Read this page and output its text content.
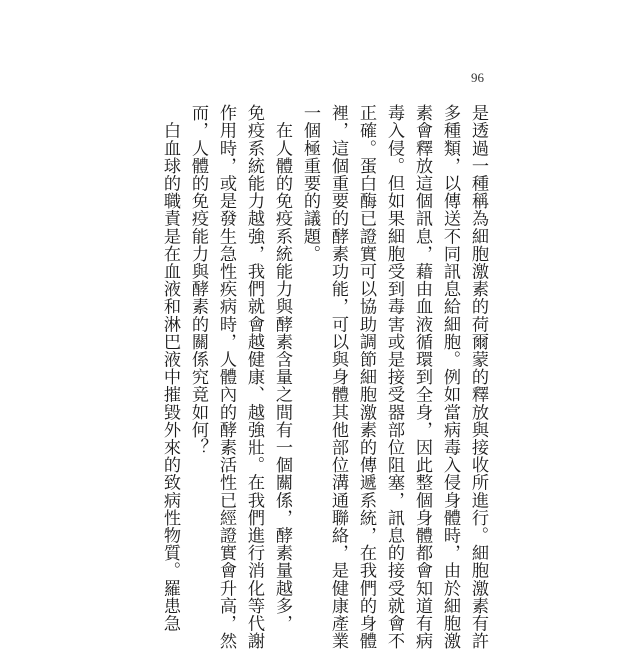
96
是透過一種稱為細胞激素的荷爾蒙的釋放與接收所進行。細胞激素有許
多種類，以傳送不同訊息給細胞。例如當病毒入侵身體時，由於細胞激
素會釋放這個訊息，藉由血液循環到全身，因此整個身體都會知道有病
毒入侵。但如果細胞受到毒害或是接受器部位阻塞，訊息的接受就會不
正確。蛋白酶已證實可以協助調節細胞激素的傳遞系統，在我們的身體
裡，這個重要的酵素功能，可以與身體其他部位溝通聯絡，是健康產業
一個極重要的議題。
　在人體的免疫系統能力與酵素含量之間有一個關係，酵素量越多，
免疫系統能力越強，我們就會越健康、越強壯。在我們進行消化等代謝
作用時，或是發生急性疾病時，人體內的酵素活性已經證實會升高，然
而，人體的免疫能力與酵素的關係究竟如何？
　白血球的職責是在血液和淋巴液中摧毀外來的致病性物質。羅患急
